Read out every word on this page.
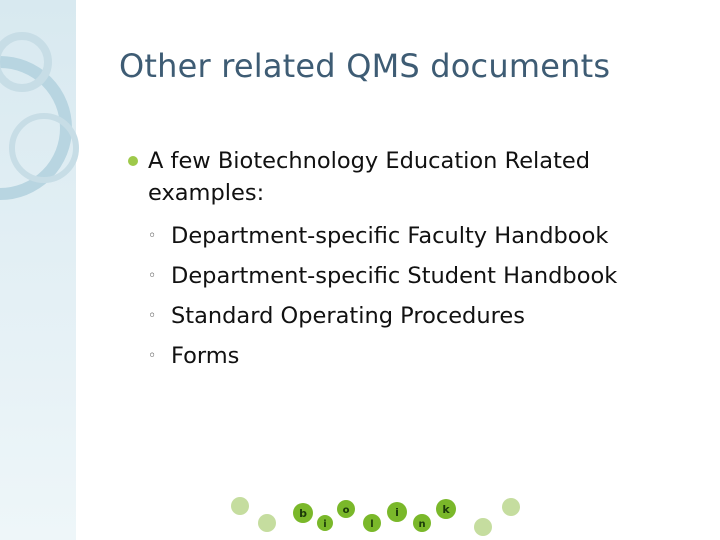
Other related QMS documents
A few Biotechnology Education Related examples:
◦ Department-specific Faculty Handbook
◦ Department-specific Student Handbook
◦ Standard Operating Procedures
◦ Forms
b
i
o
l
i
n
k
